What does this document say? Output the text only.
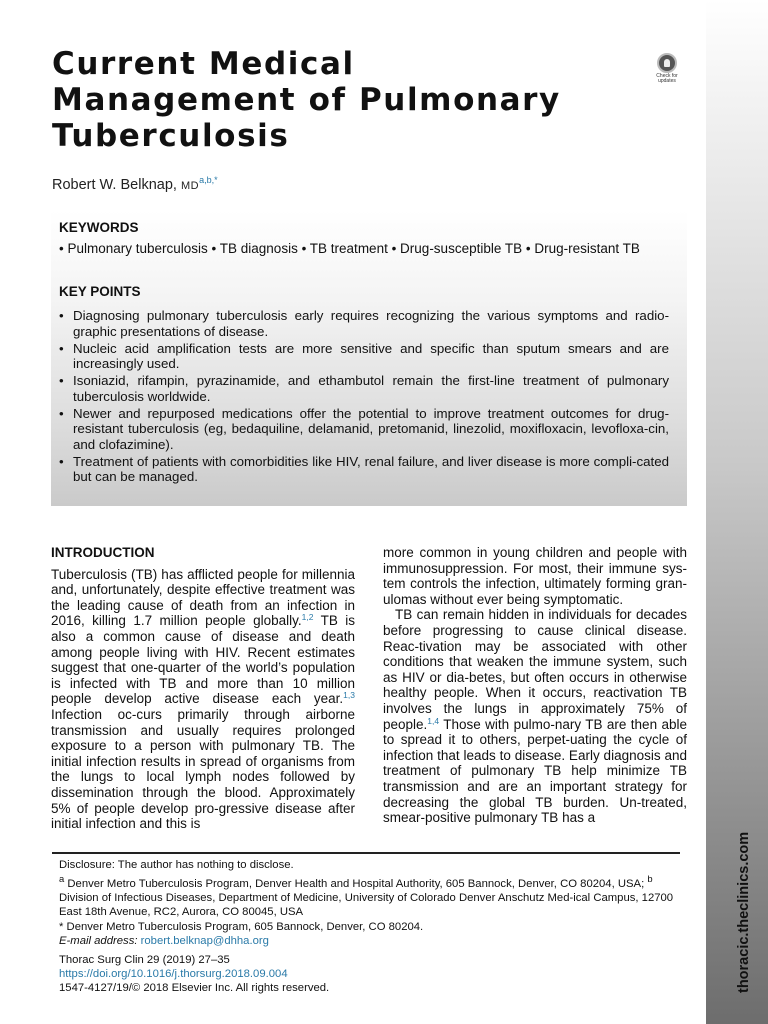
thoracic.theclinics.com
Current Medical
Management of Pulmonary
Tuberculosis
Check for
updates
Robert W. Belknap, $MD^{a,b,*}$
KEYWORDS
• Pulmonary tuberculosis • TB diagnosis • TB treatment • Drug-susceptible TB • Drug-resistant TB
KEY POINTS
• Diagnosing pulmonary tuberculosis early requires recognizing the various symptoms and radio-graphic presentations of disease.
• Nucleic acid amplification tests are more sensitive and specific than sputum smears and are increasingly used.
• Isoniazid, rifampin, pyrazinamide, and ethambutol remain the first-line treatment of pulmonary tuberculosis worldwide.
• Newer and repurposed medications offer the potential to improve treatment outcomes for drug-resistant tuberculosis (eg, bedaquiline, delamanid, pretomanid, linezolid, moxifloxacin, levofloxa-cin, and clofazimine).
• Treatment of patients with comorbidities like HIV, renal failure, and liver disease is more compli-cated but can be managed.
INTRODUCTION

Tuberculosis (TB) has afflicted people for millennia and, unfortunately, despite effective treatment was the leading cause of death from an infection in 2016, killing 1.7 million people globally.$^{1,2}$ TB is also a common cause of disease and death among people living with HIV. Recent estimates suggest that one-quarter of the world’s population is infected with TB and more than 10 million people develop active disease each year.$^{1,3}$ Infection oc-curs primarily through airborne transmission and usually requires prolonged exposure to a person with pulmonary TB. The initial infection results in spread of organisms from the lungs to local lymph nodes followed by dissemination through the blood. Approximately 5% of people develop pro-gressive disease after initial infection and this is

more common in young children and people with immunosuppression. For most, their immune sys-tem controls the infection, ultimately forming gran-ulomas without ever being symptomatic.

TB can remain hidden in individuals for decades before progressing to cause clinical disease. Reac-tivation may be associated with other conditions that weaken the immune system, such as HIV or dia-betes, but often occurs in otherwise healthy people. When it occurs, reactivation TB involves the lungs in approximately 75% of people.$^{1,4}$ Those with pulmo-nary TB are then able to spread it to others, perpet-uating the cycle of infection that leads to disease. Early diagnosis and treatment of pulmonary TB help minimize TB transmission and are an important strategy for decreasing the global TB burden. Un-treated, smear-positive pulmonary TB has a

Disclosure: The author has nothing to disclose.
$^a$ Denver Metro Tuberculosis Program, Denver Health and Hospital Authority, 605 Bannock, Denver, CO 80204, USA; $^b$ Division of Infectious Diseases, Department of Medicine, University of Colorado Denver Anschutz Med-ical Campus, 12700 East 18th Avenue, RC2, Aurora, CO 80045, USA
* Denver Metro Tuberculosis Program, 605 Bannock, Denver, CO 80204.
E-mail address: robert.belknap@dhha.org
Thorac Surg Clin 29 (2019) 27–35
https://doi.org/10.1016/j.thorsurg.2018.09.004
1547-4127/19/© 2018 Elsevier Inc. All rights reserved.
